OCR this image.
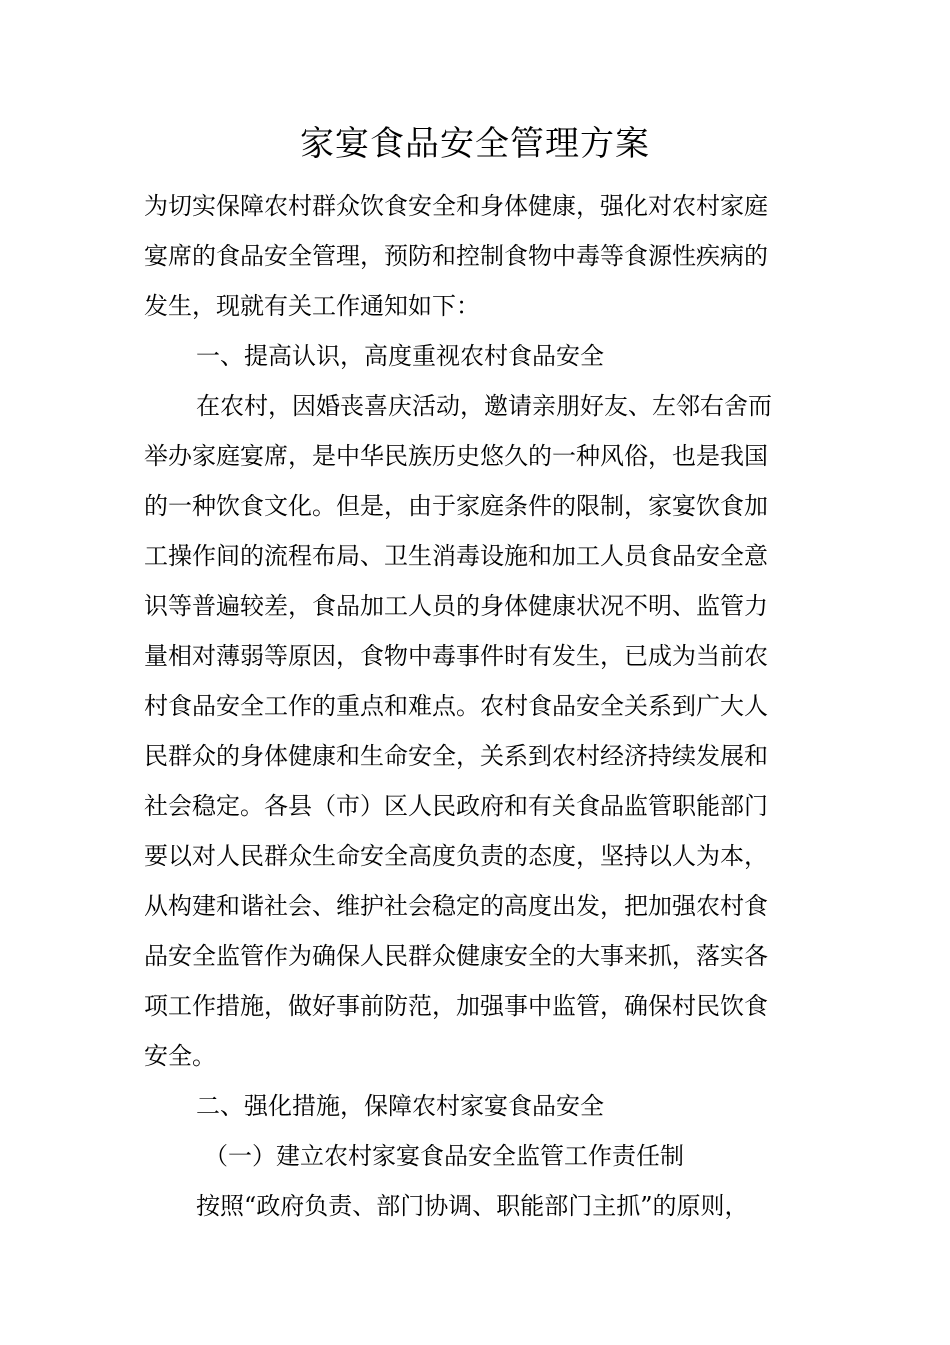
家宴食品安全管理方案
为切实保障农村群众饮食安全和身体健康，强化对农村家庭
宴席的食品安全管理，预防和控制食物中毒等食源性疾病的
发生，现就有关工作通知如下：
一、提高认识，高度重视农村食品安全
在农村，因婚丧喜庆活动，邀请亲朋好友、左邻右舍而
举办家庭宴席，是中华民族历史悠久的一种风俗，也是我国
的一种饮食文化。但是，由于家庭条件的限制，家宴饮食加
工操作间的流程布局、卫生消毒设施和加工人员食品安全意
识等普遍较差，食品加工人员的身体健康状况不明、监管力
量相对薄弱等原因，食物中毒事件时有发生，已成为当前农
村食品安全工作的重点和难点。农村食品安全关系到广大人
民群众的身体健康和生命安全，关系到农村经济持续发展和
社会稳定。各县（市）区人民政府和有关食品监管职能部门
要以对人民群众生命安全高度负责的态度，坚持以人为本，
从构建和谐社会、维护社会稳定的高度出发，把加强农村食
品安全监管作为确保人民群众健康安全的大事来抓，落实各
项工作措施，做好事前防范，加强事中监管，确保村民饮食
安全。
二、强化措施，保障农村家宴食品安全
（一）建立农村家宴食品安全监管工作责任制
按照“政府负责、部门协调、职能部门主抓”的原则，
